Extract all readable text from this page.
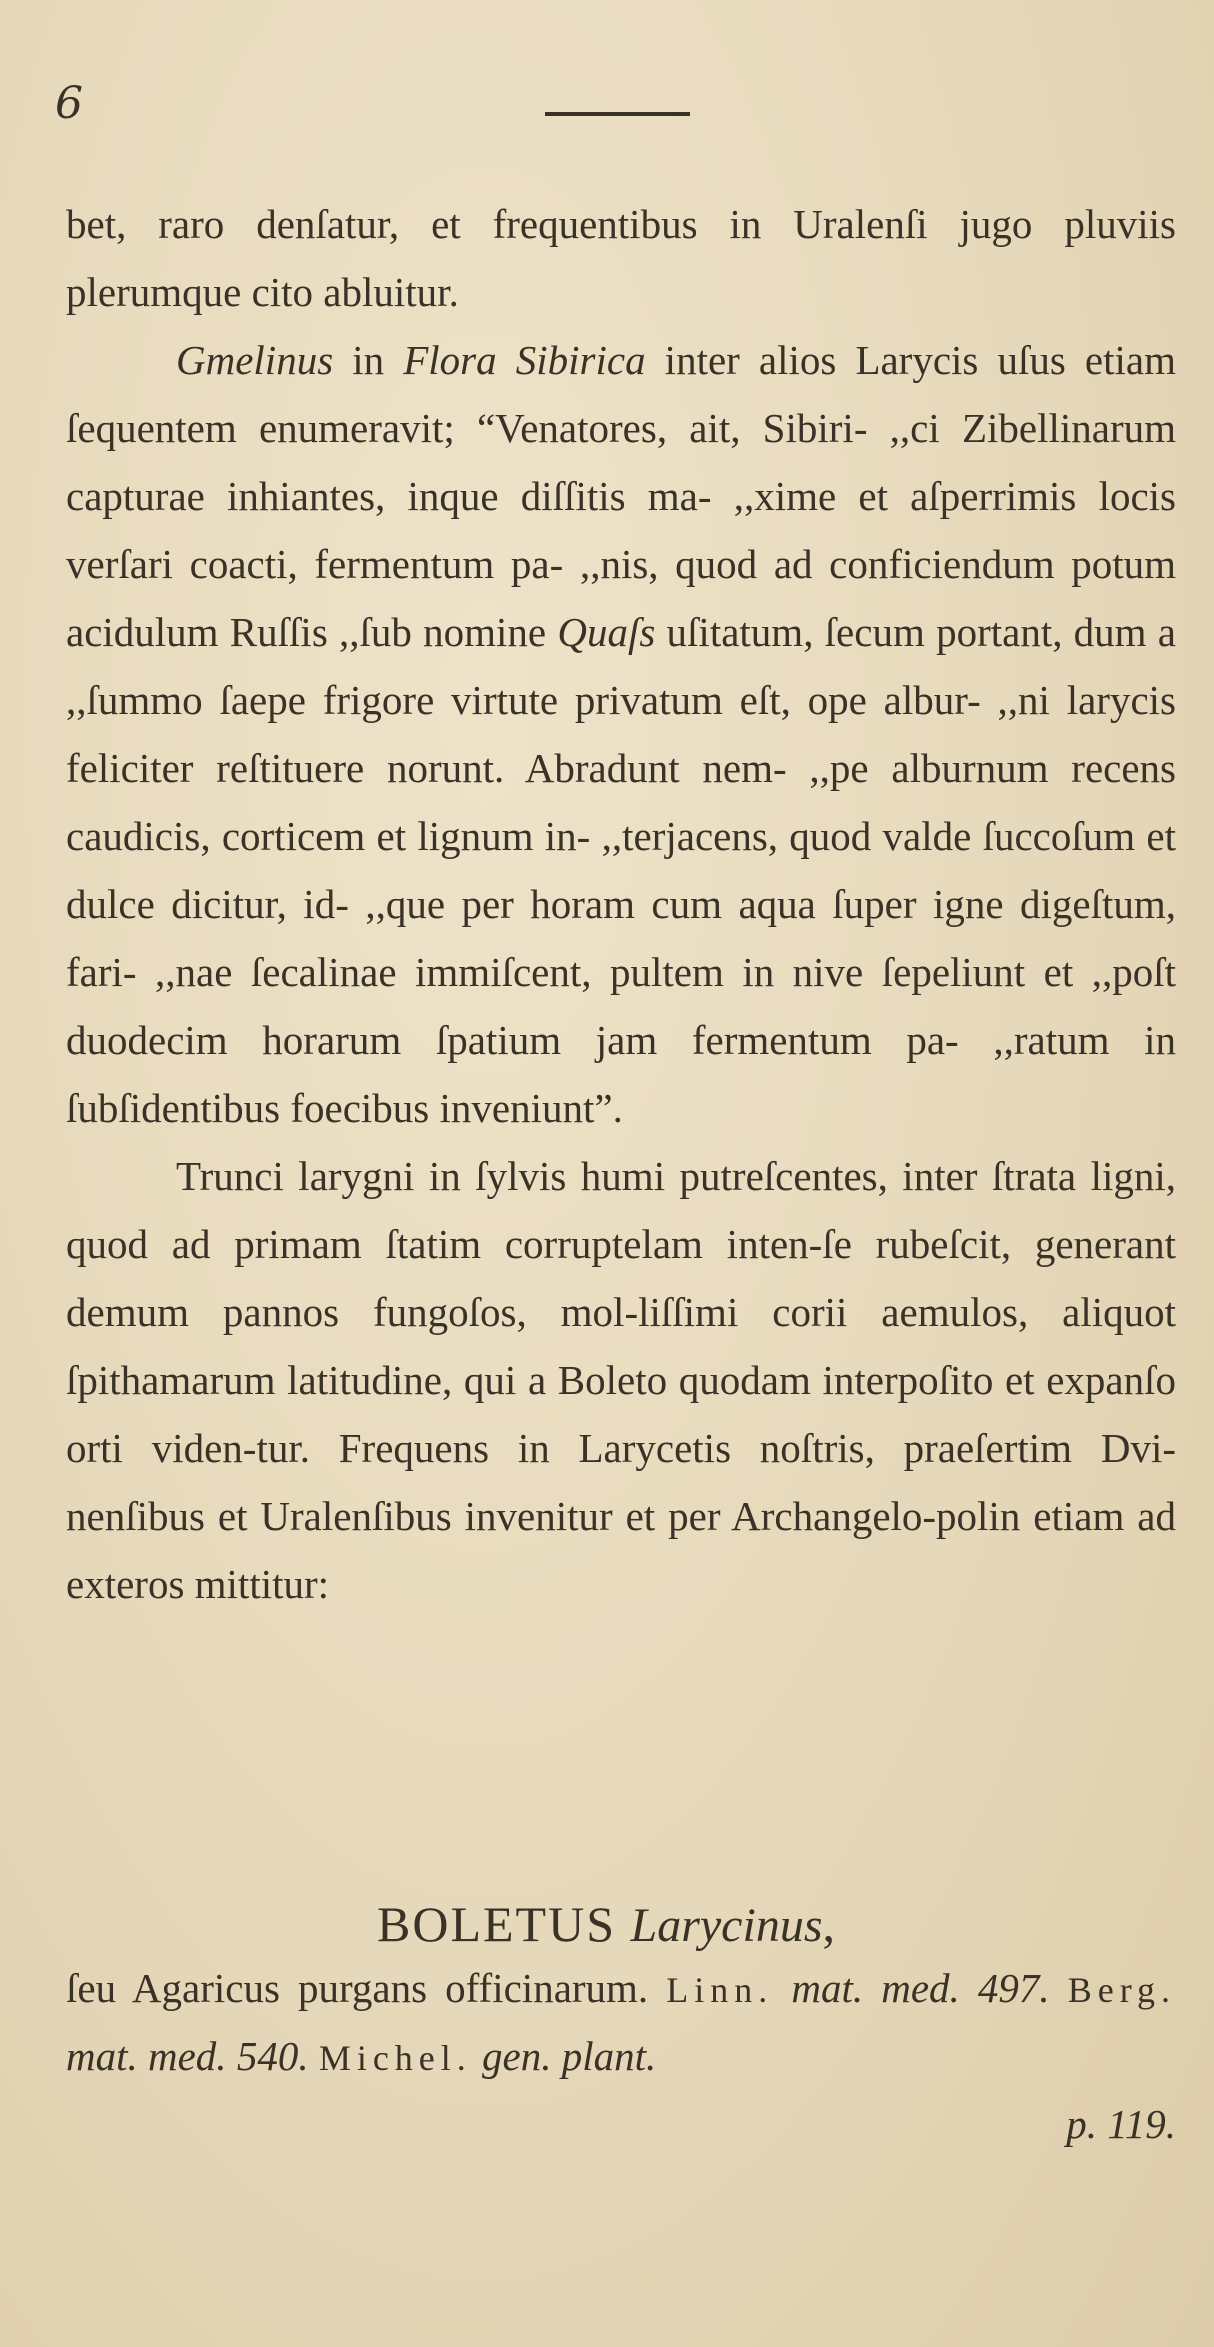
6

bet, raro denſatur, et frequentibus in Uralenſi jugo pluviis plerumque cito abluitur.

Gmelinus in Flora Sibirica inter alios Larycis uſus etiam ſequentem enumeravit; “Venatores, ait, Sibiri- ,,ci Zibellinarum capturae inhiantes, inque diſſitis ma- ,,xime et aſperrimis locis verſari coacti, fermentum pa- ,,nis, quod ad conficiendum potum acidulum Ruſſis ,,ſub nomine Quaſs uſitatum, ſecum portant, dum a ,,ſummo ſaepe frigore virtute privatum eſt, ope albur- ,,ni larycis feliciter reſtituere norunt. Abradunt nem- ,,pe alburnum recens caudicis, corticem et lignum in- ,,terjacens, quod valde ſuccoſum et dulce dicitur, id- ,,que per horam cum aqua ſuper igne digeſtum, fari- ,,nae ſecalinae immiſcent, pultem in nive ſepeliunt et ,,poſt duodecim horarum ſpatium jam fermentum pa- ,,ratum in ſubſidentibus foecibus inveniunt”.

Trunci larygni in ſylvis humi putreſcentes, inter ſtrata ligni, quod ad primam ſtatim corruptelam inten-ſe rubeſcit, generant demum pannos fungoſos, mol-liſſimi corii aemulos, aliquot ſpithamarum latitudine, qui a Boleto quodam interpoſito et expanſo orti viden-tur. Frequens in Larycetis noſtris, praeſertim Dvi-nenſibus et Uralenſibus invenitur et per Archangelo-polin etiam ad exteros mittitur:

BOLETUS Larycinus,

ſeu Agaricus purgans officinarum. Linn. mat. med. 497. Berg. mat. med. 540. Michel. gen. plant.

p. 119.
